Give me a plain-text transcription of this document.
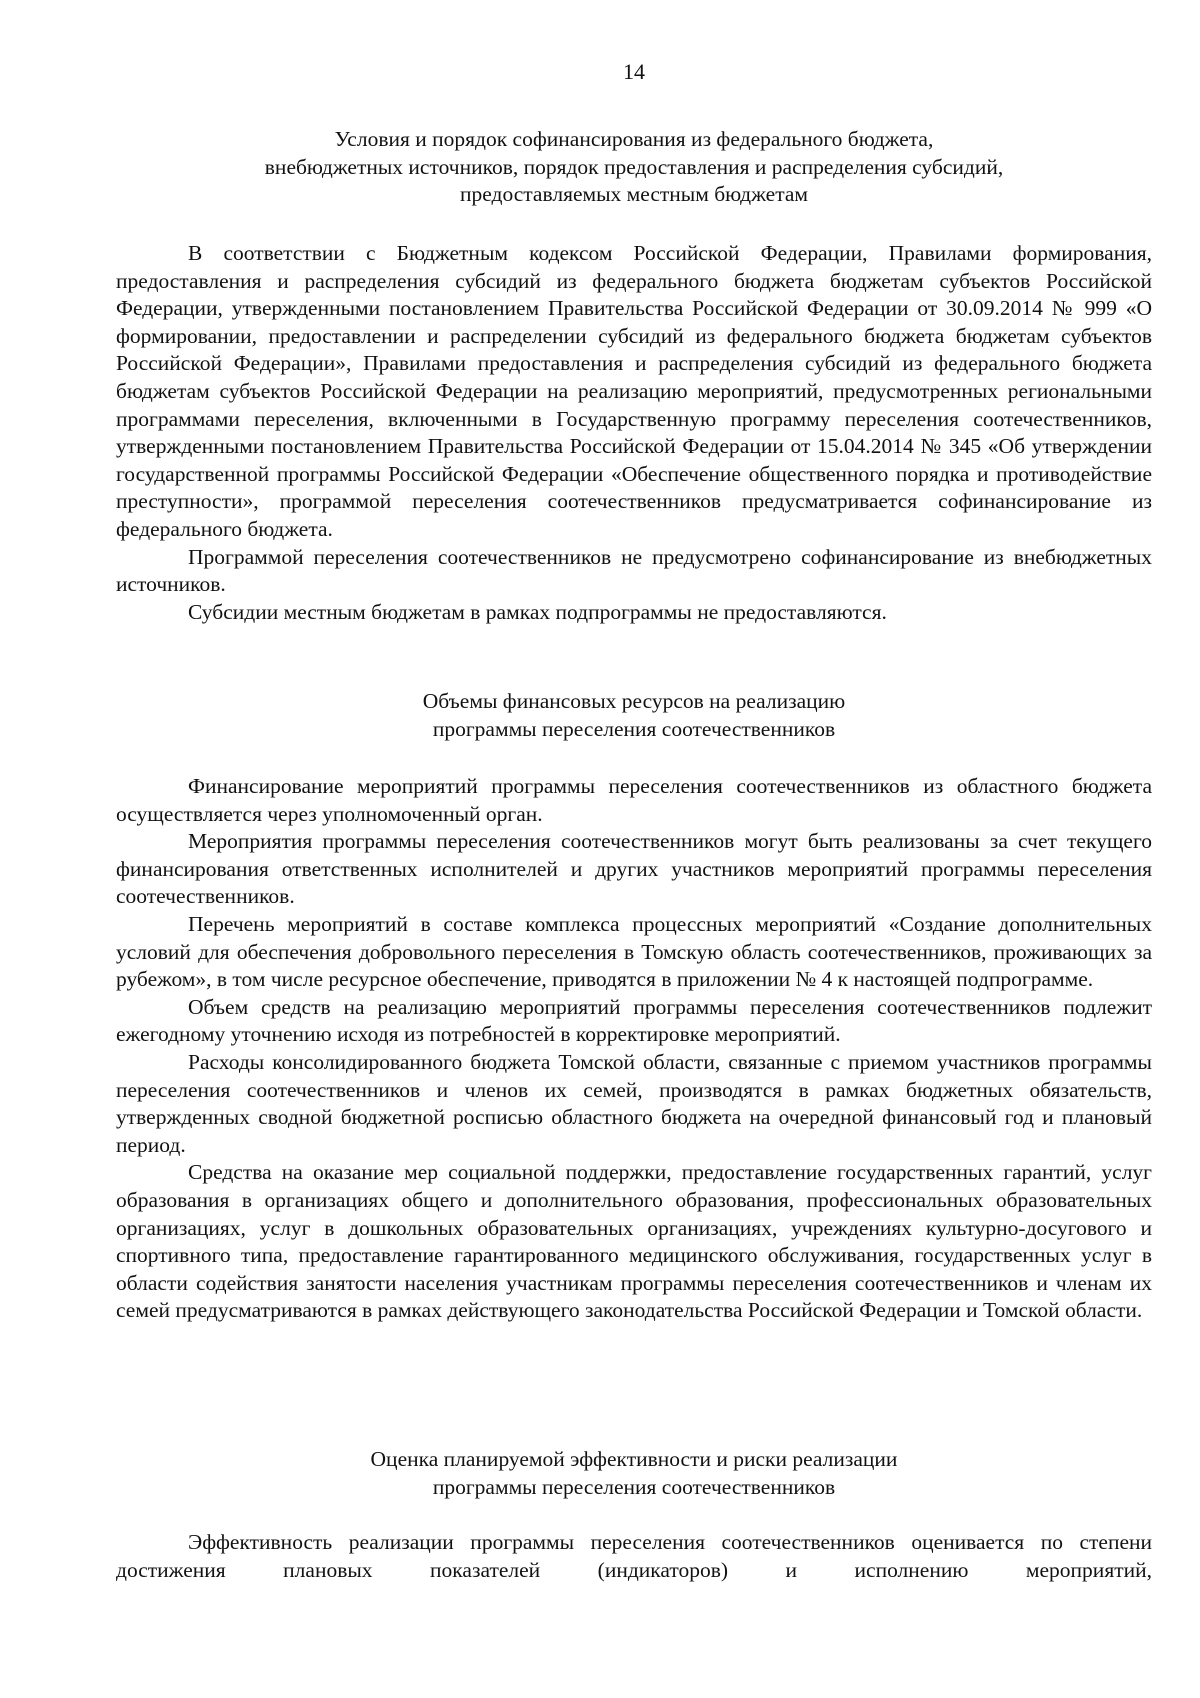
14
Условия и порядок софинансирования из федерального бюджета,
внебюджетных источников, порядок предоставления и распределения субсидий,
предоставляемых местным бюджетам

В соответствии с Бюджетным кодексом Российской Федерации, Правилами формирования, предоставления и распределения субсидий из федерального бюджета бюджетам субъектов Российской Федерации, утвержденными постановлением Правительства Российской Федерации от 30.09.2014 № 999 «О формировании, предоставлении и распределении субсидий из федерального бюджета бюджетам субъектов Российской Федерации», Правилами предоставления и распределения субсидий из федерального бюджета бюджетам субъектов Российской Федерации на реализацию мероприятий, предусмотренных региональными программами переселения, включенными в Государственную программу переселения соотечественников, утвержденными постановлением Правительства Российской Федерации от 15.04.2014 № 345 «Об утверждении государственной программы Российской Федерации «Обеспечение общественного порядка и противодействие преступности», программой переселения соотечественников предусматривается софинансирование из федерального бюджета.

Программой переселения соотечественников не предусмотрено софинансирование из внебюджетных источников.

Субсидии местным бюджетам в рамках подпрограммы не предоставляются.

Объемы финансовых ресурсов на реализацию
программы переселения соотечественников

Финансирование мероприятий программы переселения соотечественников из областного бюджета осуществляется через уполномоченный орган.

Мероприятия программы переселения соотечественников могут быть реализованы за счет текущего финансирования ответственных исполнителей и других участников мероприятий программы переселения соотечественников.

Перечень мероприятий в составе комплекса процессных мероприятий «Создание дополнительных условий для обеспечения добровольного переселения в Томскую область соотечественников, проживающих за рубежом», в том числе ресурсное обеспечение, приводятся в приложении № 4 к настоящей подпрограмме.

Объем средств на реализацию мероприятий программы переселения соотечественников подлежит ежегодному уточнению исходя из потребностей в корректировке мероприятий.

Расходы консолидированного бюджета Томской области, связанные с приемом участников программы переселения соотечественников и членов их семей, производятся в рамках бюджетных обязательств, утвержденных сводной бюджетной росписью областного бюджета на очередной финансовый год и плановый период.

Средства на оказание мер социальной поддержки, предоставление государственных гарантий, услуг образования в организациях общего и дополнительного образования, профессиональных образовательных организациях, услуг в дошкольных образовательных организациях, учреждениях культурно-досугового и спортивного типа, предоставление гарантированного медицинского обслуживания, государственных услуг в области содействия занятости населения участникам программы переселения соотечественников и членам их семей предусматриваются в рамках действующего законодательства Российской Федерации и Томской области.

Оценка планируемой эффективности и риски реализации
программы переселения соотечественников

Эффективность реализации программы переселения соотечественников оценивается по степени достижения плановых показателей (индикаторов) и исполнению мероприятий,
